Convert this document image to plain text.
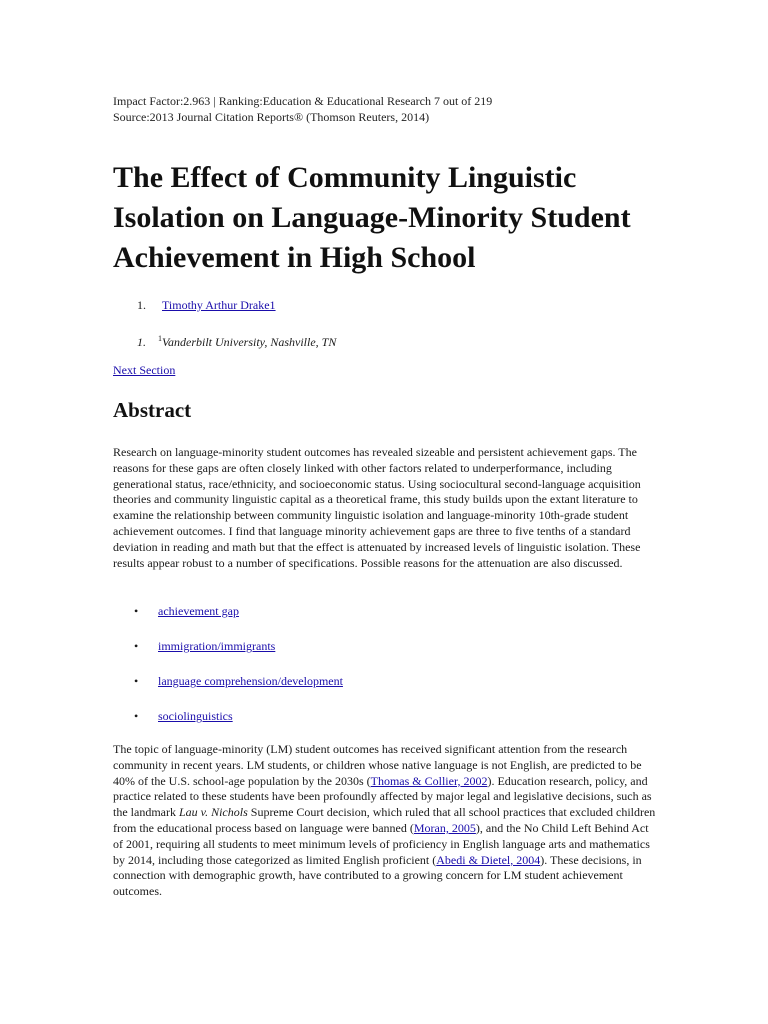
Impact Factor:2.963 | Ranking:Education & Educational Research 7 out of 219
Source:2013 Journal Citation Reports® (Thomson Reuters, 2014)
The Effect of Community Linguistic Isolation on Language-Minority Student Achievement in High School
1. Timothy Arthur Drake1
1. $^1$Vanderbilt University, Nashville, TN
Next Section
Abstract

Research on language-minority student outcomes has revealed sizeable and persistent achievement gaps. The reasons for these gaps are often closely linked with other factors related to underperformance, including generational status, race/ethnicity, and socioeconomic status. Using sociocultural second-language acquisition theories and community linguistic capital as a theoretical frame, this study builds upon the extant literature to examine the relationship between community linguistic isolation and language-minority 10th-grade student achievement outcomes. I find that language minority achievement gaps are three to five tenths of a standard deviation in reading and math but that the effect is attenuated by increased levels of linguistic isolation. These results appear robust to a number of specifications. Possible reasons for the attenuation are also discussed.

• achievement gap
• immigration/immigrants
• language comprehension/development
• sociolinguistics

The topic of language-minority (LM) student outcomes has received significant attention from the research community in recent years. LM students, or children whose native language is not English, are predicted to be 40% of the U.S. school-age population by the 2030s (Thomas & Collier, 2002). Education research, policy, and practice related to these students have been profoundly affected by major legal and legislative decisions, such as the landmark Lau v. Nichols Supreme Court decision, which ruled that all school practices that excluded children from the educational process based on language were banned (Moran, 2005), and the No Child Left Behind Act of 2001, requiring all students to meet minimum levels of proficiency in English language arts and mathematics by 2014, including those categorized as limited English proficient (Abedi & Dietel, 2004). These decisions, in connection with demographic growth, have contributed to a growing concern for LM student achievement outcomes.
